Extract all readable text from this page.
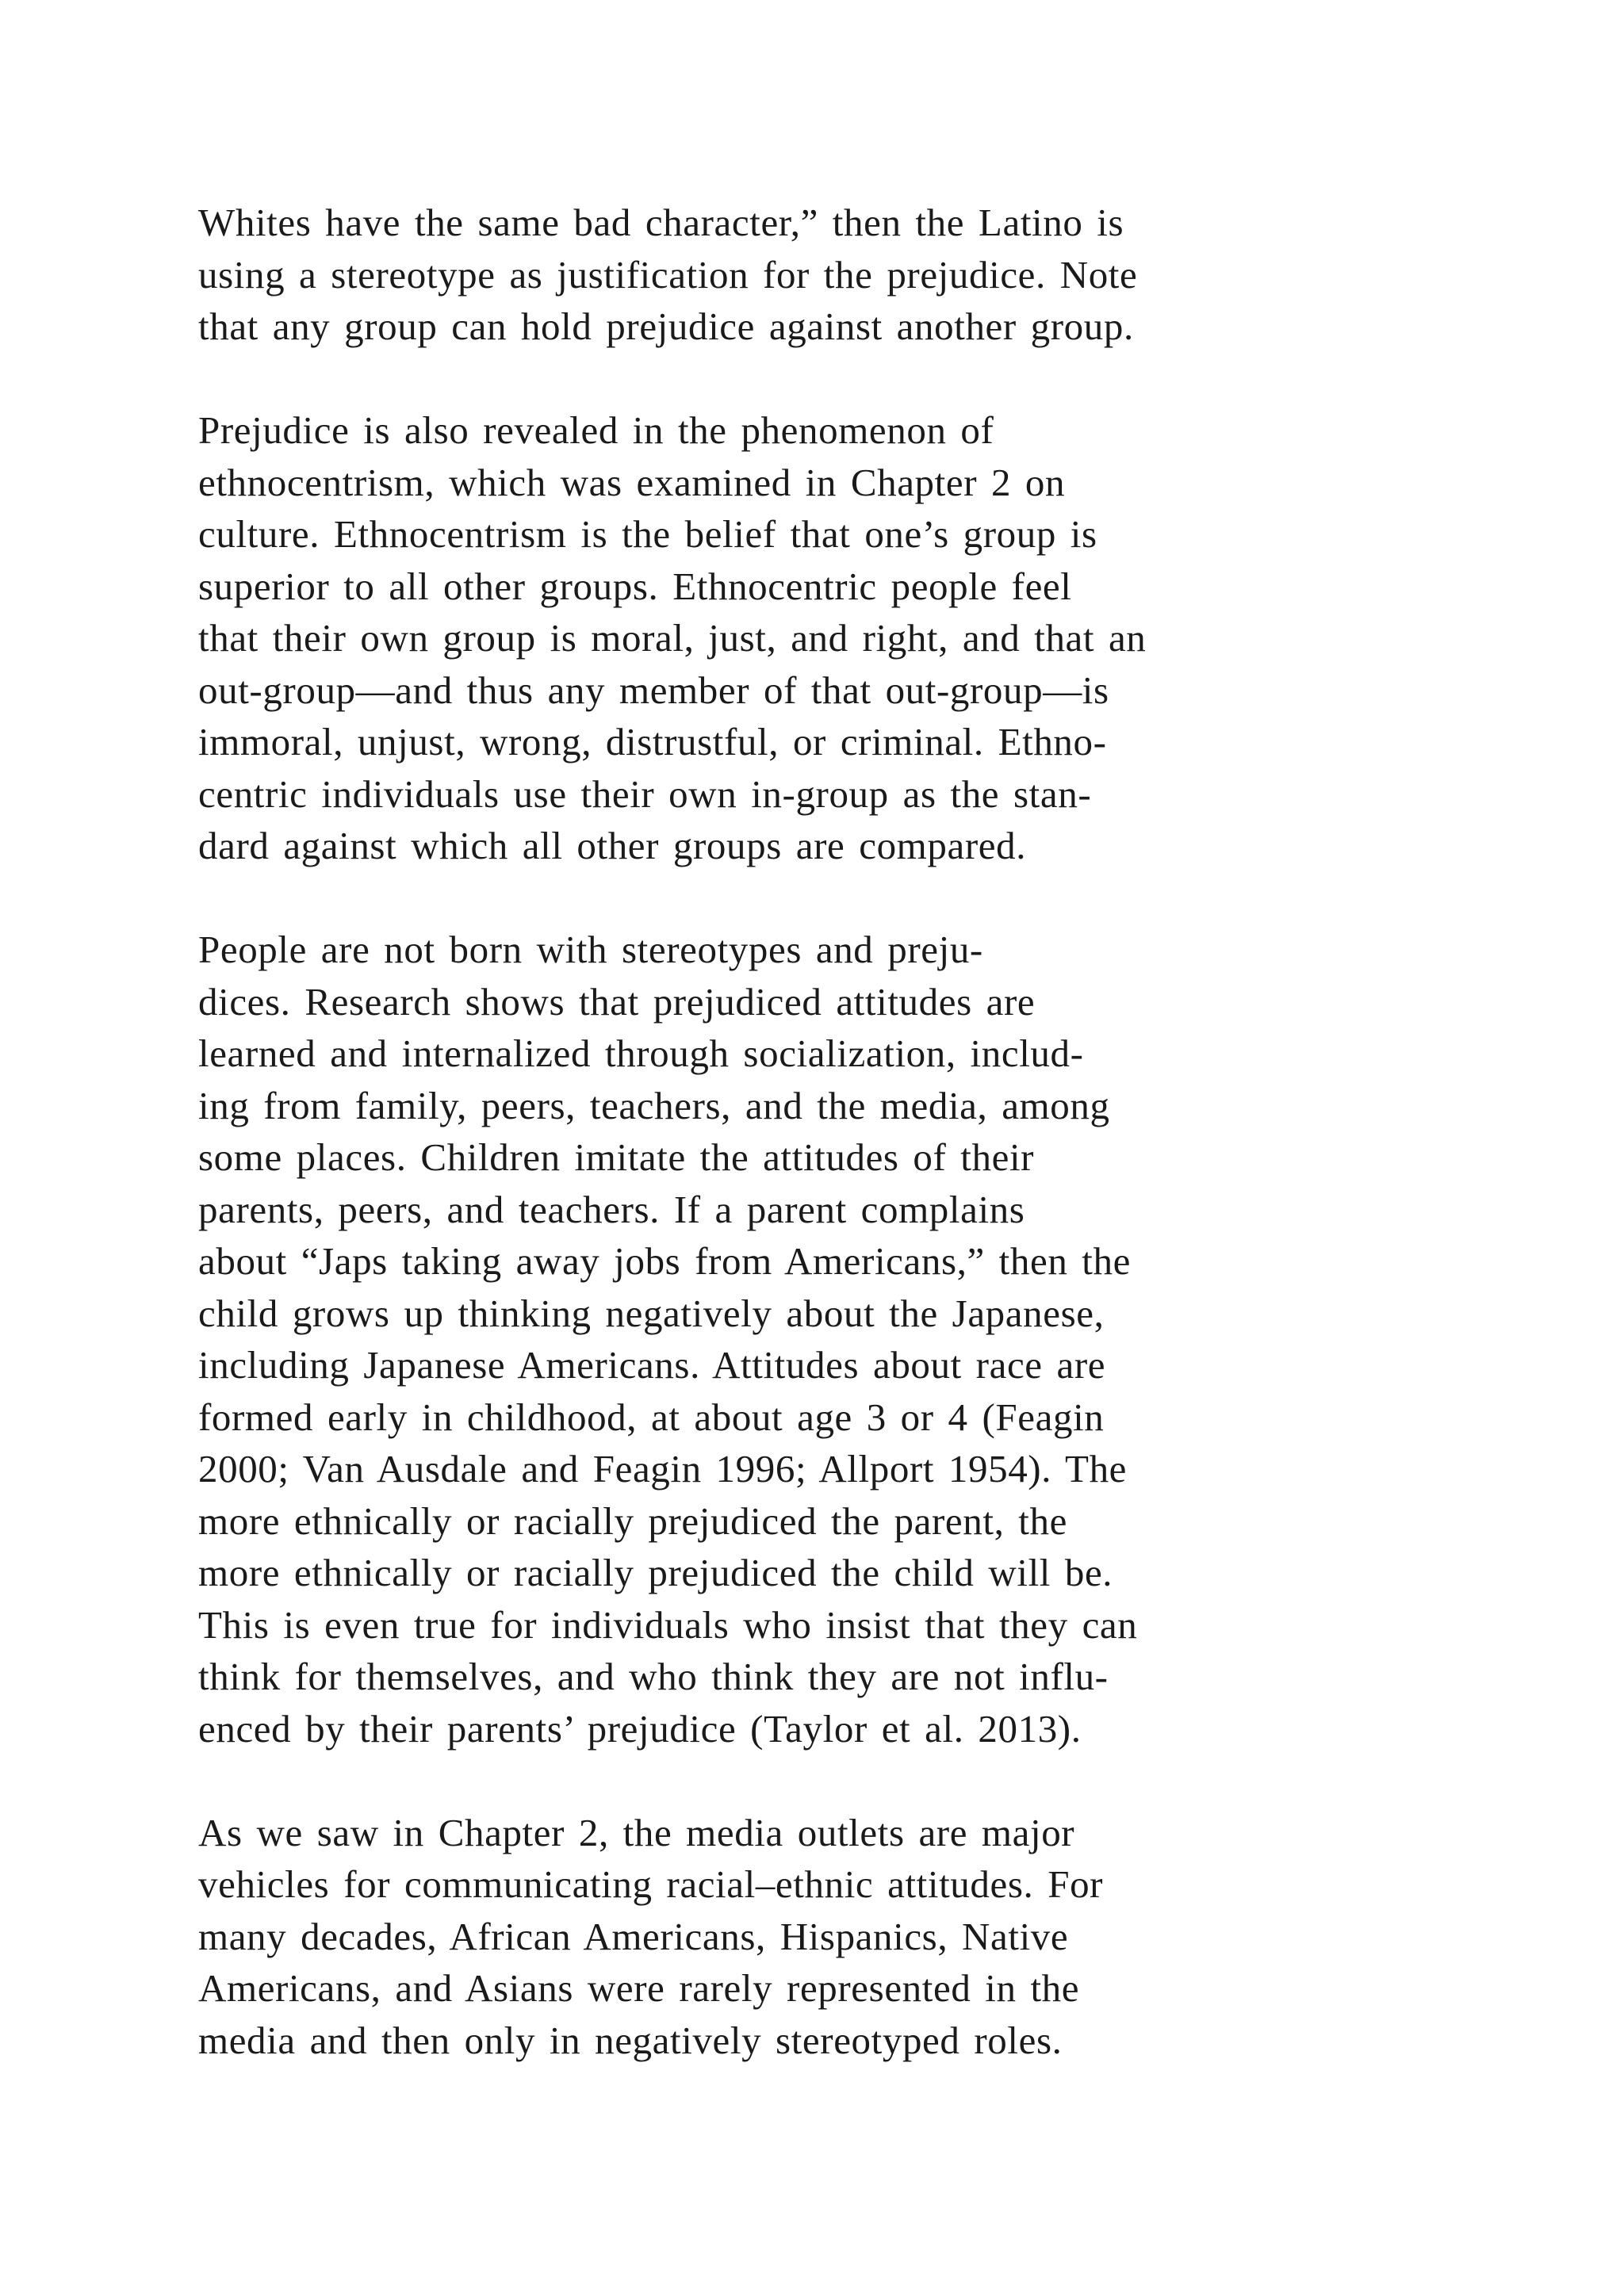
Whites have the same bad character,” then the Latino is
using a stereotype as justification for the prejudice. Note
that any group can hold prejudice against another group.

Prejudice is also revealed in the phenomenon of
ethnocentrism, which was examined in Chapter 2 on
culture. Ethnocentrism is the belief that one’s group is
superior to all other groups. Ethnocentric people feel
that their own group is moral, just, and right, and that an
out-group—and thus any member of that out-group—is
immoral, unjust, wrong, distrustful, or criminal. Ethno-
centric individuals use their own in-group as the stan-
dard against which all other groups are compared.

People are not born with stereotypes and preju-
dices. Research shows that prejudiced attitudes are
learned and internalized through socialization, includ-
ing from family, peers, teachers, and the media, among
some places. Children imitate the attitudes of their
parents, peers, and teachers. If a parent complains
about “Japs taking away jobs from Americans,” then the
child grows up thinking negatively about the Japanese,
including Japanese Americans. Attitudes about race are
formed early in childhood, at about age 3 or 4 (Feagin
2000; Van Ausdale and Feagin 1996; Allport 1954). The
more ethnically or racially prejudiced the parent, the
more ethnically or racially prejudiced the child will be.
This is even true for individuals who insist that they can
think for themselves, and who think they are not influ-
enced by their parents’ prejudice (Taylor et al. 2013).

As we saw in Chapter 2, the media outlets are major
vehicles for communicating racial–ethnic attitudes. For
many decades, African Americans, Hispanics, Native
Americans, and Asians were rarely represented in the
media and then only in negatively stereotyped roles.
